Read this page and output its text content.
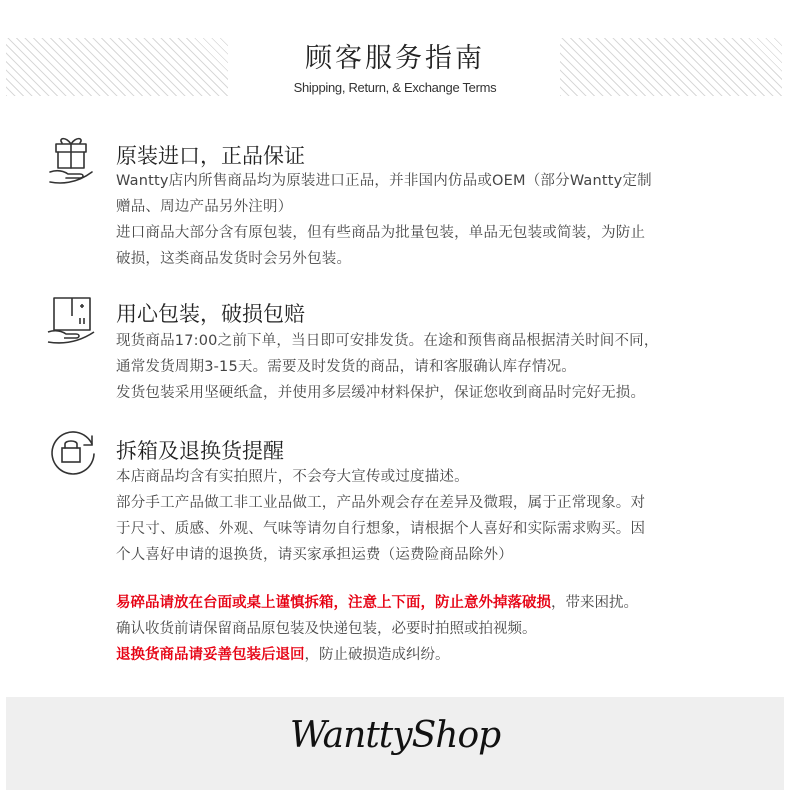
顾客服务指南
Shipping, Return, & Exchange Terms
原装进口，正品保证
Wantty店内所售商品均为原装进口正品，并非国内仿品或OEM（部分Wantty定制
赠品、周边产品另外注明）
进口商品大部分含有原包装，但有些商品为批量包装，单品无包装或简装，为防止
破损，这类商品发货时会另外包装。
用心包装，破损包赔
现货商品17:00之前下单，当日即可安排发货。在途和预售商品根据清关时间不同，
通常发货周期3-15天。需要及时发货的商品，请和客服确认库存情况。
发货包装采用坚硬纸盒，并使用多层缓冲材料保护，保证您收到商品时完好无损。
拆箱及退换货提醒
本店商品均含有实拍照片，不会夸大宣传或过度描述。
部分手工产品做工非工业品做工，产品外观会存在差异及微瑕，属于正常现象。对
于尺寸、质感、外观、气味等请勿自行想象，请根据个人喜好和实际需求购买。因
个人喜好申请的退换货，请买家承担运费（运费险商品除外）
易碎品请放在台面或桌上谨慎拆箱，注意上下面，防止意外掉落破损，带来困扰。
确认收货前请保留商品原包装及快递包装，必要时拍照或拍视频。
退换货商品请妥善包装后退回，防止破损造成纠纷。
WanttyShop
